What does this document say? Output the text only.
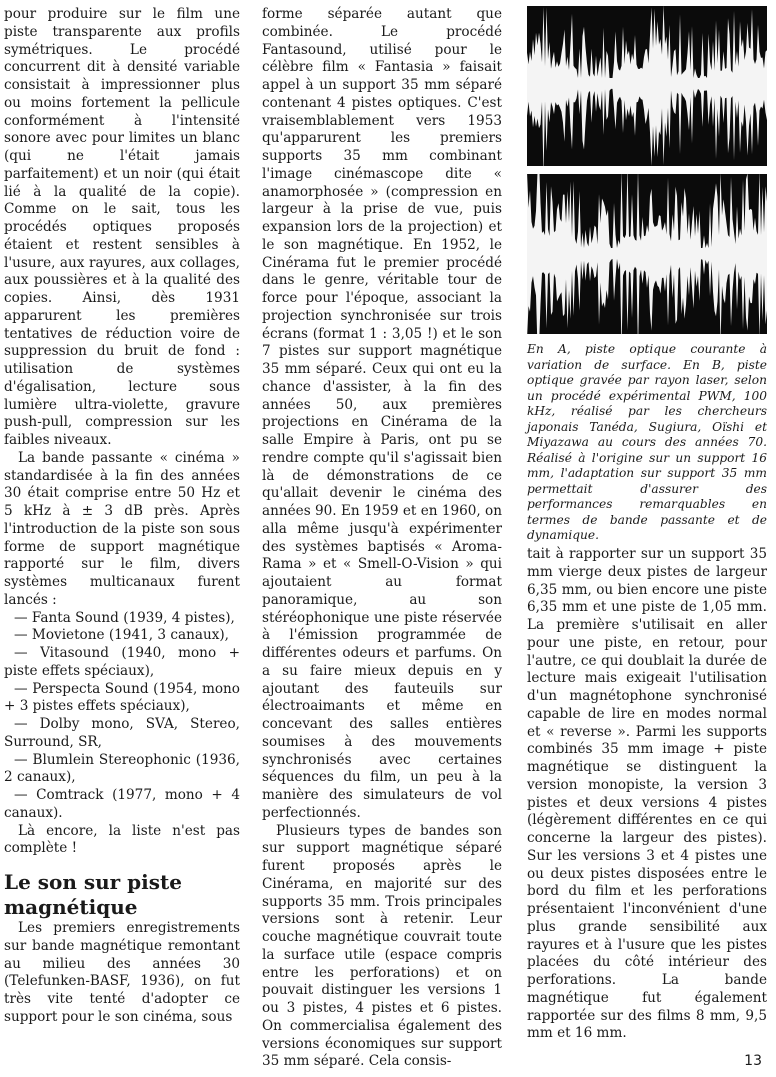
pour produire sur le film une piste transparente aux profils symétriques. Le procédé concurrent dit à densité variable consistait à impressionner plus ou moins fortement la pellicule conformément à l'intensité sonore avec pour limites un blanc (qui ne l'était jamais parfaitement) et un noir (qui était lié à la qualité de la copie). Comme on le sait, tous les procédés optiques proposés étaient et restent sensibles à l'usure, aux rayures, aux collages, aux poussières et à la qualité des copies. Ainsi, dès 1931 apparurent les premières tentatives de réduction voire de suppression du bruit de fond : utilisation de systèmes d'égalisation, lecture sous lumière ultra-violette, gravure push-pull, compression sur les faibles niveaux.

La bande passante « cinéma » standardisée à la fin des années 30 était comprise entre 50 Hz et 5 kHz à ± 3 dB près. Après l'introduction de la piste son sous forme de support magnétique rapporté sur le film, divers systèmes multicanaux furent lancés :

— Fanta Sound (1939, 4 pistes),

— Movietone (1941, 3 canaux),

— Vitasound (1940, mono + piste effets spéciaux),

— Perspecta Sound (1954, mono + 3 pistes effets spéciaux),

— Dolby mono, SVA, Stereo, Surround, SR,

— Blumlein Stereophonic (1936, 2 canaux),

— Comtrack (1977, mono + 4 canaux).

Là encore, la liste n'est pas complète !

Le son sur piste magnétique

Les premiers enregistrements sur bande magnétique remontant au milieu des années 30 (Telefunken-BASF, 1936), on fut très vite tenté d'adopter ce support pour le son cinéma, sous

forme séparée autant que combinée. Le procédé Fantasound, utilisé pour le célèbre film « Fantasia » faisait appel à un support 35 mm séparé contenant 4 pistes optiques. C'est vraisemblablement vers 1953 qu'apparurent les premiers supports 35 mm combinant l'image cinémascope dite « anamorphosée » (compression en largeur à la prise de vue, puis expansion lors de la projection) et le son magnétique. En 1952, le Cinérama fut le premier procédé dans le genre, véritable tour de force pour l'époque, associant la projection synchronisée sur trois écrans (format 1 : 3,05 !) et le son 7 pistes sur support magnétique 35 mm séparé. Ceux qui ont eu la chance d'assister, à la fin des années 50, aux premières projections en Cinérama de la salle Empire à Paris, ont pu se rendre compte qu'il s'agissait bien là de démonstrations de ce qu'allait devenir le cinéma des années 90. En 1959 et en 1960, on alla même jusqu'à expérimenter des systèmes baptisés « Aroma-Rama » et « Smell-O-Vision » qui ajoutaient au format panoramique, au son stéréophonique une piste réservée à l'émission programmée de différentes odeurs et parfums. On a su faire mieux depuis en y ajoutant des fauteuils sur électroaimants et même en concevant des salles entières soumises à des mouvements synchronisés avec certaines séquences du film, un peu à la manière des simulateurs de vol perfectionnés.

Plusieurs types de bandes son sur support magnétique séparé furent proposés après le Cinérama, en majorité sur des supports 35 mm. Trois principales versions sont à retenir. Leur couche magnétique couvrait toute la surface utile (espace compris entre les perforations) et on pouvait distinguer les versions 1 ou 3 pistes, 4 pistes et 6 pistes. On commercialisa également des versions économiques sur support 35 mm séparé. Cela consis-

En A, piste optique courante à variation de surface. En B, piste optique gravée par rayon laser, selon un procédé expérimental PWM, 100 kHz, réalisé par les chercheurs japonais Tanéda, Sugiura, Oïshi et Miyazawa au cours des années 70. Réalisé à l'origine sur un support 16 mm, l'adaptation sur support 35 mm permettait d'assurer des performances remarquables en termes de bande passante et de dynamique.

tait à rapporter sur un support 35 mm vierge deux pistes de largeur 6,35 mm, ou bien encore une piste 6,35 mm et une piste de 1,05 mm. La première s'utilisait en aller pour une piste, en retour, pour l'autre, ce qui doublait la durée de lecture mais exigeait l'utilisation d'un magnétophone synchronisé capable de lire en modes normal et « reverse ». Parmi les supports combinés 35 mm image + piste magnétique se distinguent la version monopiste, la version 3 pistes et deux versions 4 pistes (légèrement différentes en ce qui concerne la largeur des pistes). Sur les versions 3 et 4 pistes une ou deux pistes disposées entre le bord du film et les perforations présentaient l'inconvénient d'une plus grande sensibilité aux rayures et à l'usure que les pistes placées du côté intérieur des perforations. La bande magnétique fut également rapportée sur des films 8 mm, 9,5 mm et 16 mm.

13
